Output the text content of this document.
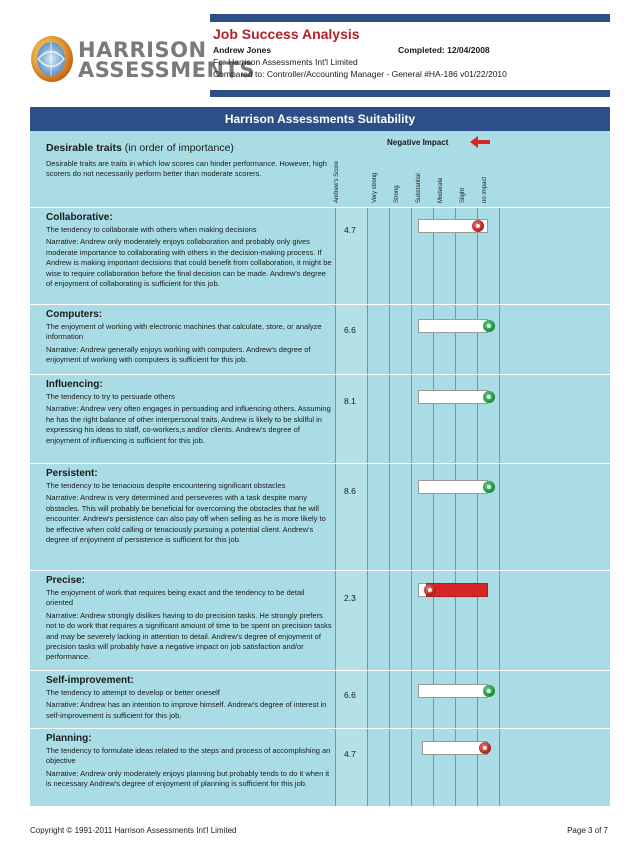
HARRISON
ASSESSMENTS
Job Success Analysis
Andrew Jones	Completed: 12/04/2008
For Harrison Assessments Int'l Limited
Compared to: Controller/Accounting Manager - General #HA-186 v01/22/2010
Harrison Assessments Suitability
Desirable traits (in order of importance)
Desirable traits are traits in which low scores can hinder performance. However, high scorers do not necessarily perform better than moderate scorers.
Negative Impact
Andrew's Score	Very strong	Strong	Substantial	Moderate	Slight	no impact
Collaborative:

The tendency to collaborate with others when making decisions

Narrative: Andrew only moderately enjoys collaboration and probably only gives moderate importance to collaborating with others in the decision-making process. If Andrew is making important decisions that could benefit from collaboration, it might be wise to require collaboration before the final decision can be made. Andrew's degree of enjoyment of collaborating is sufficient for this job.

4.7
Computers:

The enjoyment of working with electronic machines that calculate, store, or analyze information

Narrative: Andrew generally enjoys working with computers. Andrew's degree of enjoyment of working with computers is sufficient for this job.

6.6
Influencing:

The tendency to try to persuade others

Narrative: Andrew very often engages in persuading and influencing others. Assuming he has the right balance of other interpersonal traits, Andrew is likely to be skillful in expressing his ideas to staff, co-workers,s and/or clients. Andrew's degree of enjoyment of influencing is sufficient for this job.

8.1
Persistent:

The tendency to be tenacious despite encountering significant obstacles

Narrative: Andrew is very determined and perseveres with a task despite many obstacles. This will probably be beneficial for overcoming the obstacles that he will encounter. Andrew's persistence can also pay off when selling as he is more likely to be effective when cold calling or tenaciously pursuing a potential client. Andrew's degree of enjoyment of persistence is sufficient for this job.

8.6
Precise:

The enjoyment of work that requires being exact and the tendency to be detail oriented

Narrative: Andrew strongly dislikes having to do precision tasks. He strongly prefers not to do work that requires a significant amount of time to be spent on precision tasks and may be severely lacking in attention to detail. Andrew's degree of enjoyment of precision tasks will probably have a negative impact on job satisfaction and/or performance.

2.3
Self-improvement:

The tendency to attempt to develop or better oneself

Narrative: Andrew has an intention to improve himself. Andrew's degree of interest in self-improvement is sufficient for this job.

6.6
Planning:

The tendency to formulate ideas related to the steps and process of accomplishing an objective

Narrative: Andrew only moderately enjoys planning but probably tends to do it when it is necessary Andrew's degree of enjoyment of planning is sufficient for this job.

4.7
Copyright © 1991-2011 Harrison Assessments Int'l Limited	Page 3 of 7
